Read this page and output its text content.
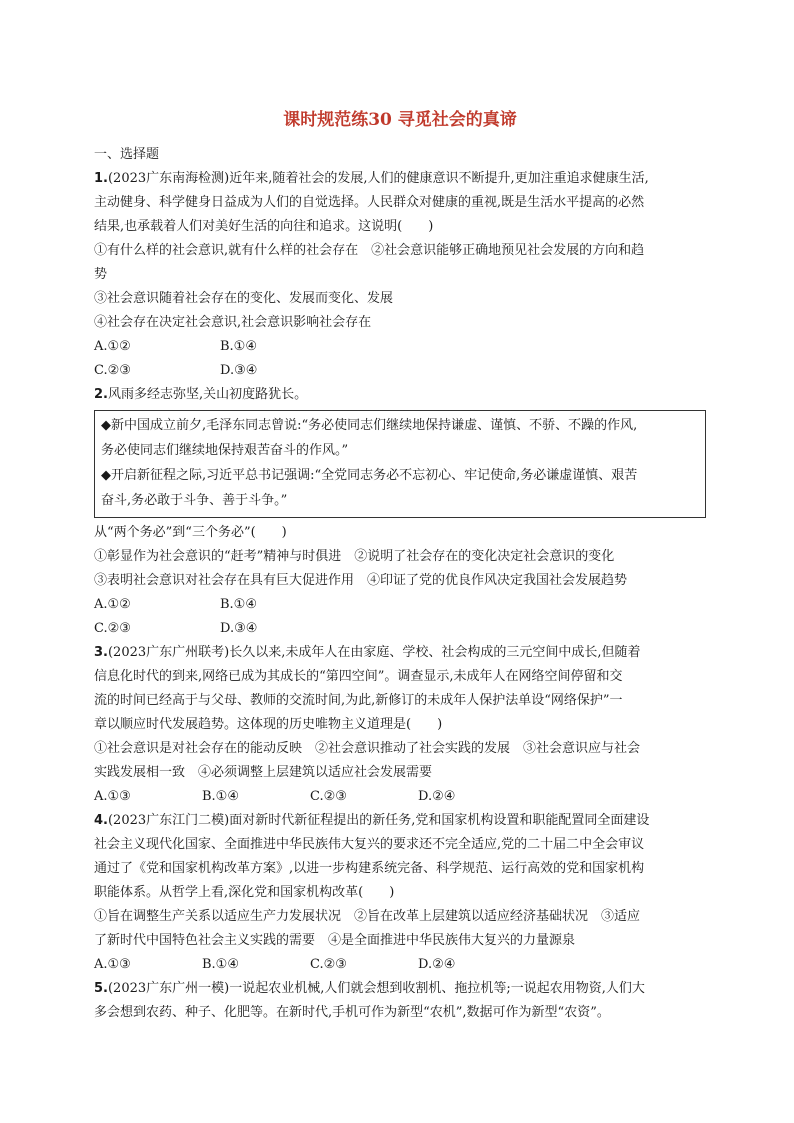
课时规范练30 寻觅社会的真谛
一、选择题
1.(2023广东南海检测)近年来,随着社会的发展,人们的健康意识不断提升,更加注重追求健康生活,
主动健身、科学健身日益成为人们的自觉选择。人民群众对健康的重视,既是生活水平提高的必然
结果,也承载着人们对美好生活的向往和追求。这说明(　　)
①有什么样的社会意识,就有什么样的社会存在　②社会意识能够正确地预见社会发展的方向和趋
势
③社会意识随着社会存在的变化、发展而变化、发展
④社会存在决定社会意识,社会意识影响社会存在
A.①②	B.①④
C.②③	D.③④
2.风雨多经志弥坚,关山初度路犹长。
◆新中国成立前夕,毛泽东同志曾说:“务必使同志们继续地保持谦虚、谨慎、不骄、不躁的作风,
务必使同志们继续地保持艰苦奋斗的作风。”
◆开启新征程之际,习近平总书记强调:“全党同志务必不忘初心、牢记使命,务必谦虚谨慎、艰苦
奋斗,务必敢于斗争、善于斗争。”
从“两个务必”到“三个务必”(　　)
①彰显作为社会意识的“赶考”精神与时俱进　②说明了社会存在的变化决定社会意识的变化
③表明社会意识对社会存在具有巨大促进作用　④印证了党的优良作风决定我国社会发展趋势
A.①②	B.①④
C.②③	D.③④
3.(2023广东广州联考)长久以来,未成年人在由家庭、学校、社会构成的三元空间中成长,但随着
信息化时代的到来,网络已成为其成长的“第四空间”。调查显示,未成年人在网络空间停留和交
流的时间已经高于与父母、教师的交流时间,为此,新修订的未成年人保护法单设“网络保护”一
章以顺应时代发展趋势。这体现的历史唯物主义道理是(　　)
①社会意识是对社会存在的能动反映　②社会意识推动了社会实践的发展　③社会意识应与社会
实践发展相一致　④必须调整上层建筑以适应社会发展需要
A.①③	B.①④	C.②③	D.②④
4.(2023广东江门二模)面对新时代新征程提出的新任务,党和国家机构设置和职能配置同全面建设
社会主义现代化国家、全面推进中华民族伟大复兴的要求还不完全适应,党的二十届二中全会审议
通过了《党和国家机构改革方案》,以进一步构建系统完备、科学规范、运行高效的党和国家机构
职能体系。从哲学上看,深化党和国家机构改革(　　)
①旨在调整生产关系以适应生产力发展状况　②旨在改革上层建筑以适应经济基础状况　③适应
了新时代中国特色社会主义实践的需要　④是全面推进中华民族伟大复兴的力量源泉
A.①③	B.①④	C.②③	D.②④
5.(2023广东广州一模)一说起农业机械,人们就会想到收割机、拖拉机等;一说起农用物资,人们大
多会想到农药、种子、化肥等。在新时代,手机可作为新型“农机”,数据可作为新型“农资”。
